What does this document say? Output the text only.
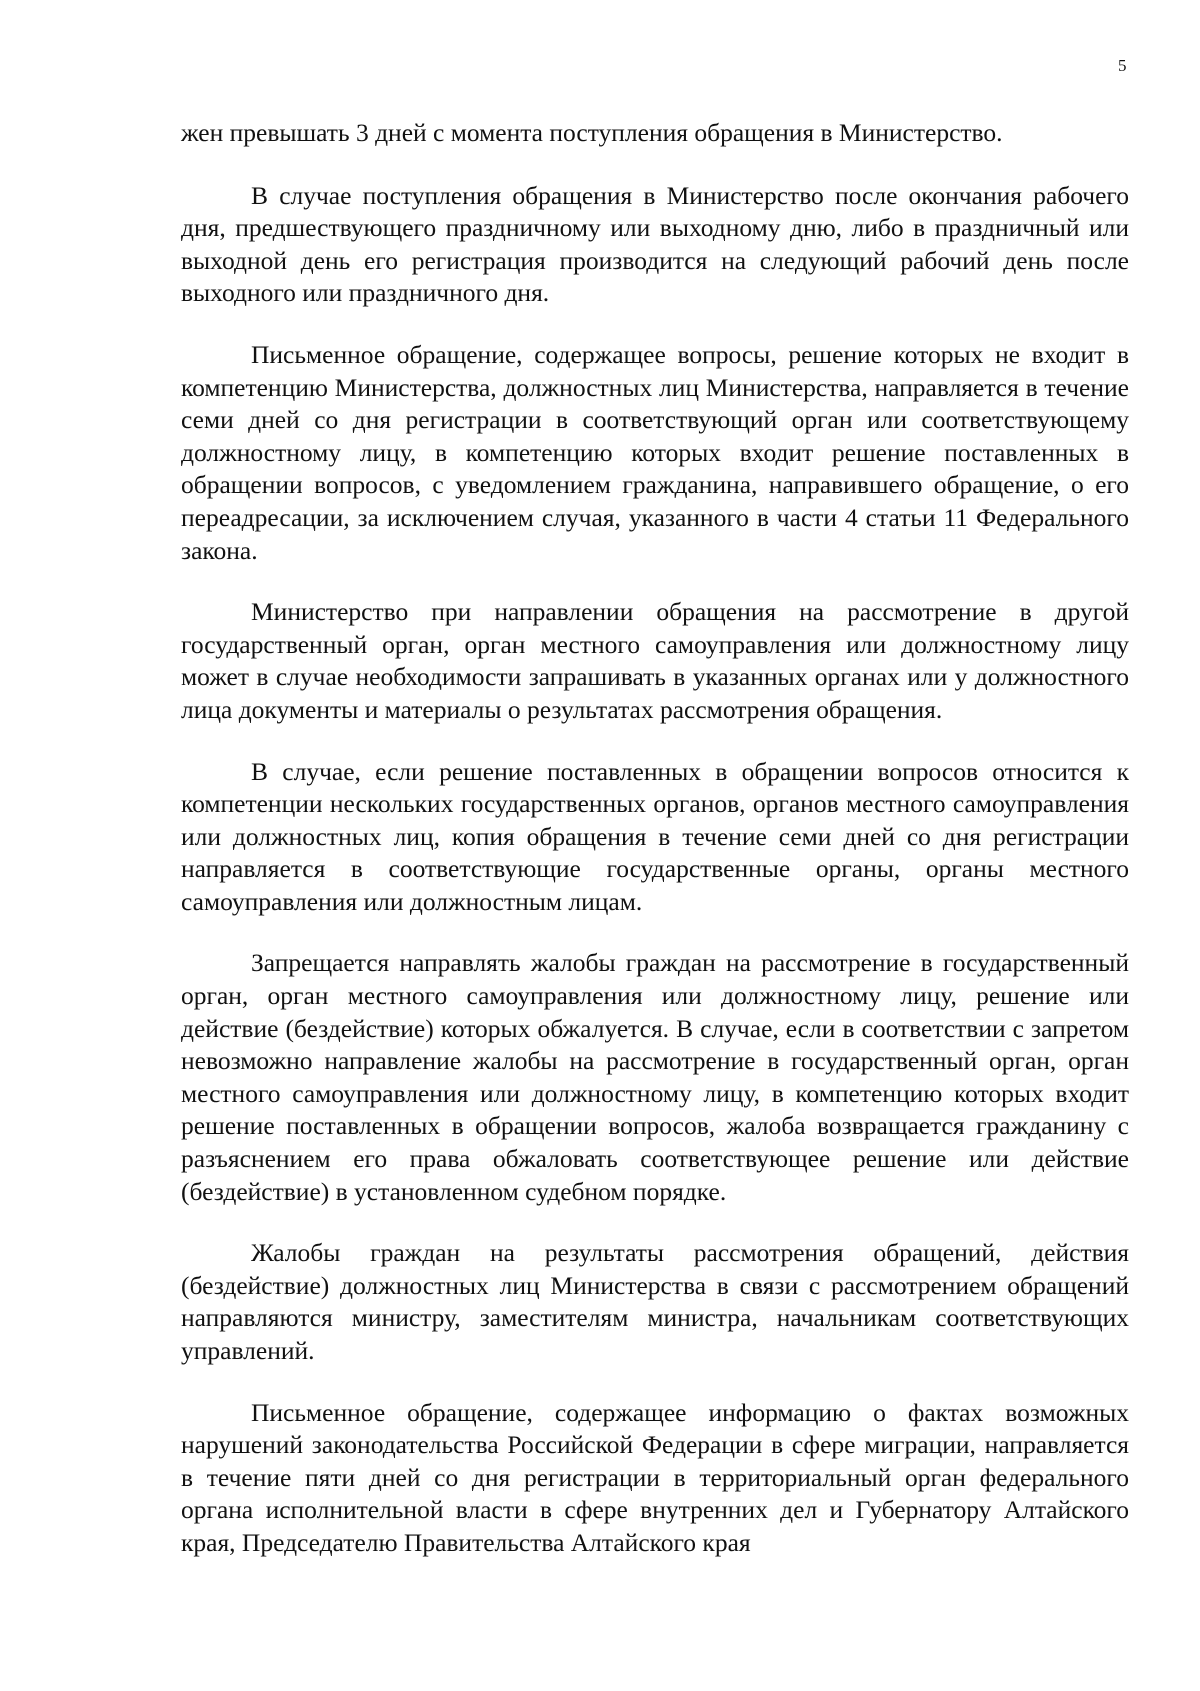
5

жен превышать 3 дней с момента поступления обращения в Министерство.

В случае поступления обращения в Министерство после окончания рабочего дня, предшествующего праздничному или выходному дню, либо в праздничный или выходной день его регистрация производится на следующий рабочий день после выходного или праздничного дня.

Письменное обращение, содержащее вопросы, решение которых не входит в компетенцию Министерства, должностных лиц Министерства, направляется в течение семи дней со дня регистрации в соответствующий орган или соответствующему должностному лицу, в компетенцию которых входит решение поставленных в обращении вопросов, с уведомлением гражданина, направившего обращение, о его переадресации, за исключением случая, указанного в части 4 статьи 11 Федерального закона.

Министерство при направлении обращения на рассмотрение в другой государственный орган, орган местного самоуправления или должностному лицу может в случае необходимости запрашивать в указанных органах или у должностного лица документы и материалы о результатах рассмотрения обращения.

В случае, если решение поставленных в обращении вопросов относится к компетенции нескольких государственных органов, органов местного самоуправления или должностных лиц, копия обращения в течение семи дней со дня регистрации направляется в соответствующие государственные органы, органы местного самоуправления или должностным лицам.

Запрещается направлять жалобы граждан на рассмотрение в государственный орган, орган местного самоуправления или должностному лицу, решение или действие (бездействие) которых обжалуется. В случае, если в соответствии с запретом невозможно направление жалобы на рассмотрение в государственный орган, орган местного самоуправления или должностному лицу, в компетенцию которых входит решение поставленных в обращении вопросов, жалоба возвращается гражданину с разъяснением его права обжаловать соответствующее решение или действие (бездействие) в установленном судебном порядке.

Жалобы граждан на результаты рассмотрения обращений, действия (бездействие) должностных лиц Министерства в связи с рассмотрением обращений направляются министру, заместителям министра, начальникам соответствующих управлений.

Письменное обращение, содержащее информацию о фактах возможных нарушений законодательства Российской Федерации в сфере миграции, направляется в течение пяти дней со дня регистрации в территориальный орган федерального органа исполнительной власти в сфере внутренних дел и Губернатору Алтайского края, Председателю Правительства Алтайского края
